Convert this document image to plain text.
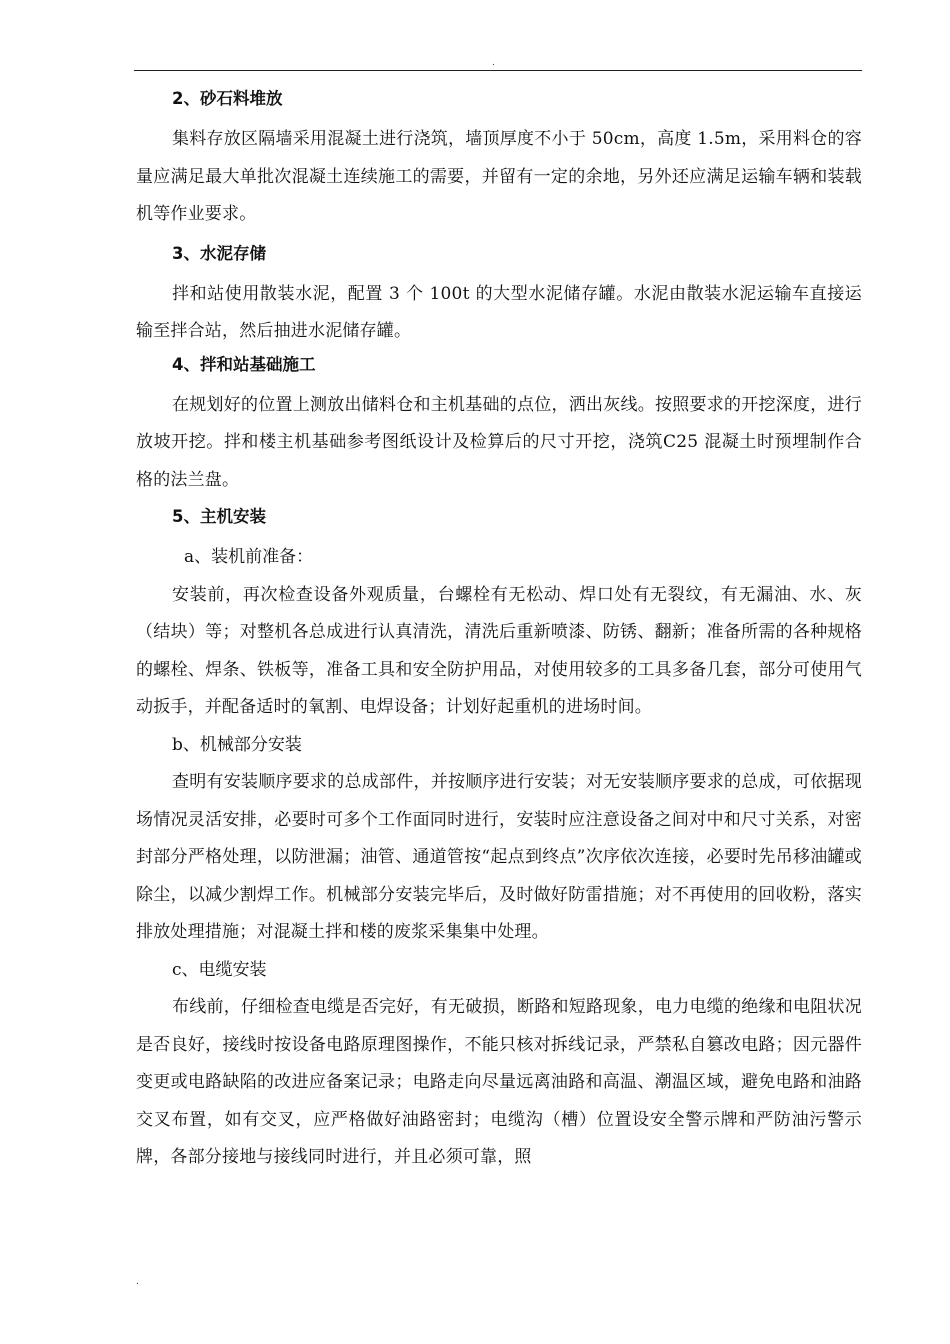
.
2、砂石料堆放

集料存放区隔墙采用混凝土进行浇筑，墙顶厚度不小于 50cm，高度 1.5m，采用料仓的容量应满足最大单批次混凝土连续施工的需要，并留有一定的余地，另外还应满足运输车辆和装载机等作业要求。

3、水泥存储

拌和站使用散装水泥，配置 3 个 100t 的大型水泥储存罐。水泥由散装水泥运输车直接运输至拌合站，然后抽进水泥储存罐。

4、拌和站基础施工

在规划好的位置上测放出储料仓和主机基础的点位，洒出灰线。按照要求的开挖深度，进行放坡开挖。拌和楼主机基础参考图纸设计及检算后的尺寸开挖，浇筑C25 混凝土时预埋制作合格的法兰盘。

5、主机安装
a、装机前准备：

安装前，再次检查设备外观质量，台螺栓有无松动、焊口处有无裂纹，有无漏油、水、灰（结块）等；对整机各总成进行认真清洗，清洗后重新喷漆、防锈、翻新；准备所需的各种规格的螺栓、焊条、铁板等，准备工具和安全防护用品，对使用较多的工具多备几套，部分可使用气动扳手，并配备适时的氧割、电焊设备；计划好起重机的进场时间。

b、机械部分安装

查明有安装顺序要求的总成部件，并按顺序进行安装；对无安装顺序要求的总成，可依据现场情况灵活安排，必要时可多个工作面同时进行，安装时应注意设备之间对中和尺寸关系，对密封部分严格处理，以防泄漏；油管、通道管按“起点到终点”次序依次连接，必要时先吊移油罐或除尘，以减少割焊工作。机械部分安装完毕后，及时做好防雷措施；对不再使用的回收粉，落实排放处理措施；对混凝土拌和楼的废浆采集集中处理。

c、电缆安装

布线前，仔细检查电缆是否完好，有无破损，断路和短路现象，电力电缆的绝缘和电阻状况是否良好，接线时按设备电路原理图操作，不能只核对拆线记录，严禁私自篡改电路；因元器件变更或电路缺陷的改进应备案记录；电路走向尽量远离油路和高温、潮温区域，避免电路和油路交叉布置，如有交叉，应严格做好油路密封；电缆沟（槽）位置设安全警示牌和严防油污警示牌，各部分接地与接线同时进行，并且必须可靠，照

.
